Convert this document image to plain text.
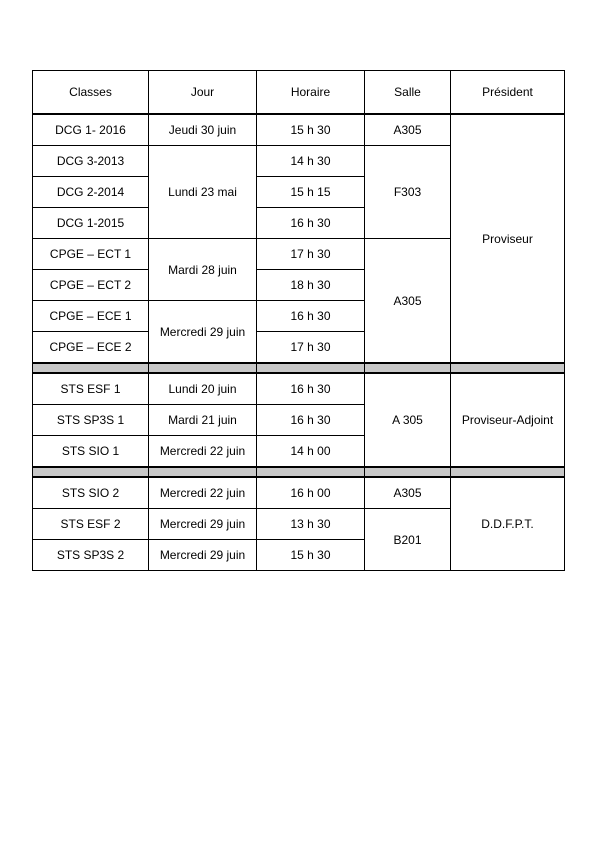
Classes	Jour	Horaire	Salle	Président
DCG 1- 2016	Jeudi 30 juin	15 h 30	A305	Proviseur
DCG 3-2013	Lundi 23 mai	14 h 30	F303	
DCG 2-2014		15 h 15		
DCG 1-2015		16 h 30		
CPGE – ECT 1	Mardi 28 juin	17 h 30	A305	
CPGE – ECT 2		18 h 30		
CPGE – ECE 1	Mercredi 29 juin	16 h 30		
CPGE – ECE 2		17 h 30		

STS ESF 1	Lundi 20 juin	16 h 30	A 305	Proviseur-Adjoint
STS SP3S 1	Mardi 21 juin	16 h 30		
STS SIO 1	Mercredi 22 juin	14 h 00		

STS SIO 2	Mercredi 22 juin	16 h 00	A305	D.D.F.P.T.
STS ESF 2	Mercredi 29 juin	13 h 30	B201	
STS SP3S 2	Mercredi 29 juin	15 h 30		
